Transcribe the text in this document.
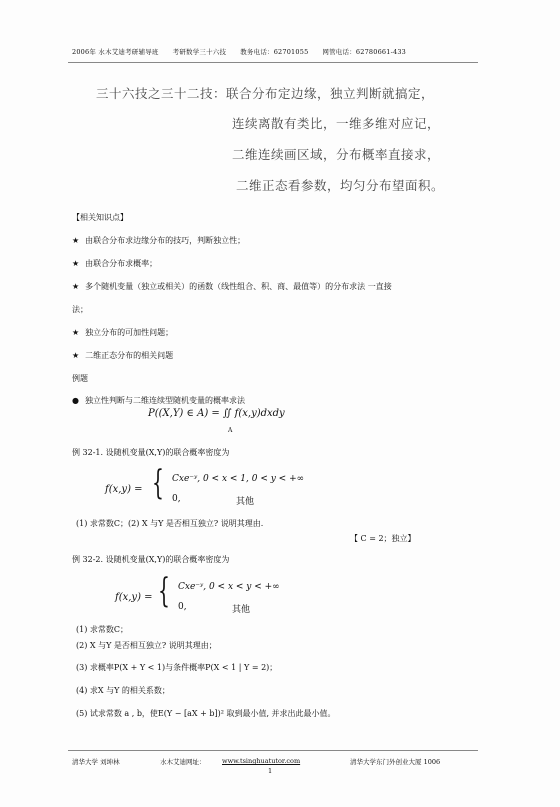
2006年 水木艾迪考研辅导班 考研数学三十六技 教务电话：62701055 网管电话：62780661-433
三十六技之三十二技：联合分布定边缘，独立判断就搞定，
连续离散有类比，一维多维对应记，
二维连续画区域，分布概率直接求，
二维正态看参数，均匀分布望面积。
【相关知识点】
★ 由联合分布求边缘分布的技巧，判断独立性；
★ 由联合分布求概率；
★ 多个随机变量（独立或相关）的函数（线性组合、积、商、最值等）的分布求法 一直接
法；
★ 独立分布的可加性问题；
★ 二维正态分布的相关问题
例题
● 独立性判断与二维连续型随机变量的概率求法
P((X,Y) ∈ A) = ∬ f(x,y)dxdy
A
例 32-1. 设随机变量(X,Y)的联合概率密度为
f(x,y) = { Cxe⁻ʸ, 0 < x < 1, 0 < y < +∞
0,	其他
(1) 求常数C；(2) X 与Y 是否相互独立? 说明其理由.
【 C = 2；独立】
例 32-2. 设随机变量(X,Y)的联合概率密度为
f(x,y) = { Cxe⁻ʸ, 0 < x < y < +∞
0,	其他
(1) 求常数C；
(2) X 与Y 是否相互独立? 说明其理由；
(3) 求概率P(X + Y < 1)与条件概率P(X < 1 | Y = 2)；
(4) 求X 与Y 的相关系数；
(5) 试求常数 a , b，使E(Y − [aX + b])² 取到最小值, 并求出此最小值。
清华大学 刘坤林	水木艾迪网址：	www.tsinghuatutor.com	清华大学东门外创业大厦 1006
1
